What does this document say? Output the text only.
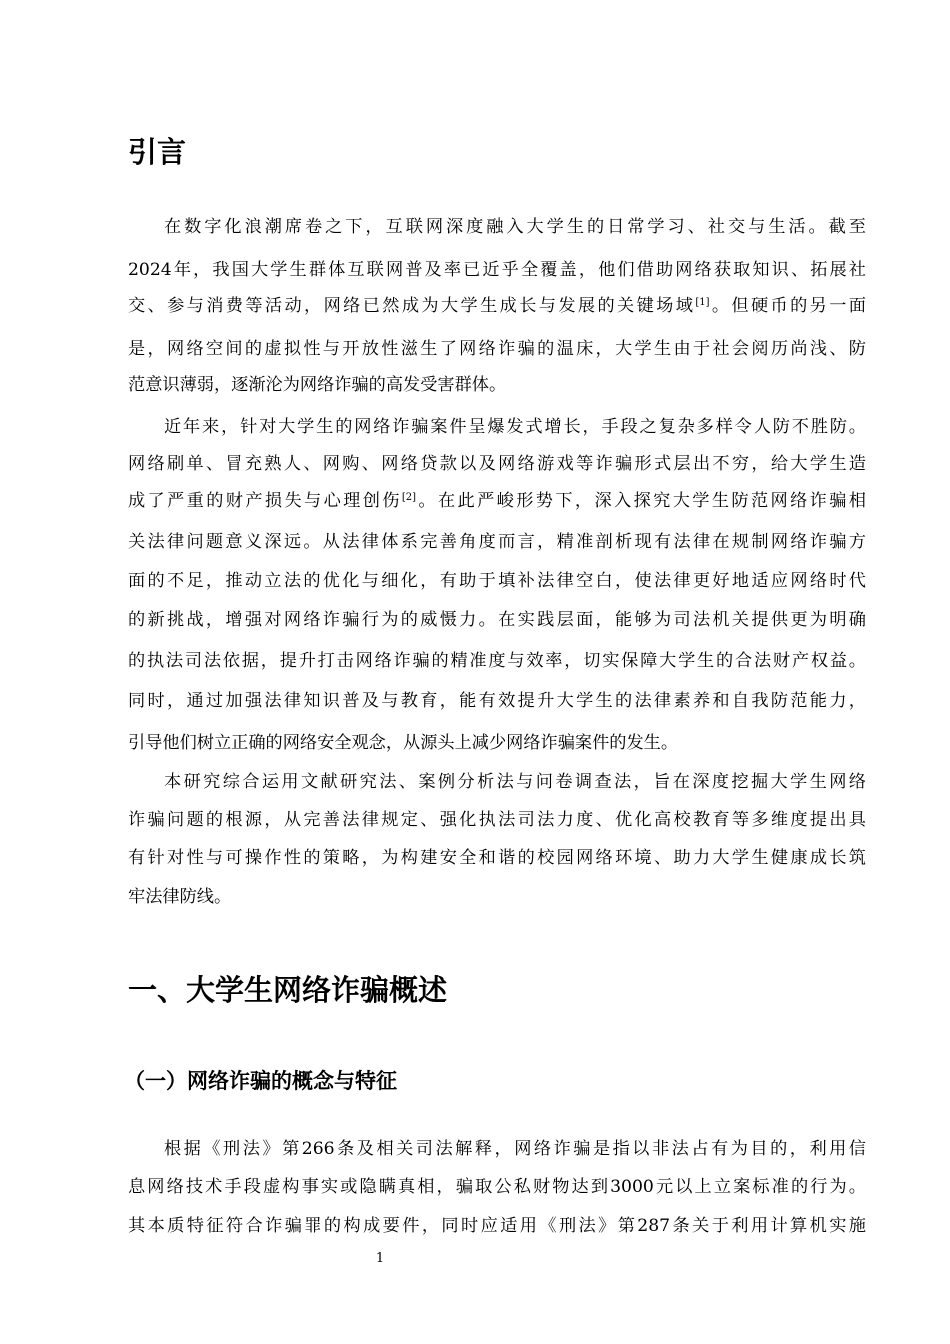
引言
在数字化浪潮席卷之下，互联网深度融入大学生的日常学习、社交与生活。截至
2024年，我国大学生群体互联网普及率已近乎全覆盖，他们借助网络获取知识、拓展社
交、参与消费等活动，网络已然成为大学生成长与发展的关键场域[1]。但硬币的另一面
是，网络空间的虚拟性与开放性滋生了网络诈骗的温床，大学生由于社会阅历尚浅、防
范意识薄弱，逐渐沦为网络诈骗的高发受害群体。
近年来，针对大学生的网络诈骗案件呈爆发式增长，手段之复杂多样令人防不胜防。
网络刷单、冒充熟人、网购、网络贷款以及网络游戏等诈骗形式层出不穷，给大学生造
成了严重的财产损失与心理创伤[2]。在此严峻形势下，深入探究大学生防范网络诈骗相
关法律问题意义深远。从法律体系完善角度而言，精准剖析现有法律在规制网络诈骗方
面的不足，推动立法的优化与细化，有助于填补法律空白，使法律更好地适应网络时代
的新挑战，增强对网络诈骗行为的威慑力。在实践层面，能够为司法机关提供更为明确
的执法司法依据，提升打击网络诈骗的精准度与效率，切实保障大学生的合法财产权益。
同时，通过加强法律知识普及与教育，能有效提升大学生的法律素养和自我防范能力，
引导他们树立正确的网络安全观念，从源头上减少网络诈骗案件的发生。
本研究综合运用文献研究法、案例分析法与问卷调查法，旨在深度挖掘大学生网络
诈骗问题的根源，从完善法律规定、强化执法司法力度、优化高校教育等多维度提出具
有针对性与可操作性的策略，为构建安全和谐的校园网络环境、助力大学生健康成长筑
牢法律防线。
一、大学生网络诈骗概述
（一）网络诈骗的概念与特征
根据《刑法》第266条及相关司法解释，网络诈骗是指以非法占有为目的，利用信
息网络技术手段虚构事实或隐瞒真相，骗取公私财物达到3000元以上立案标准的行为。
其本质特征符合诈骗罪的构成要件，同时应适用《刑法》第287条关于利用计算机实施
1
